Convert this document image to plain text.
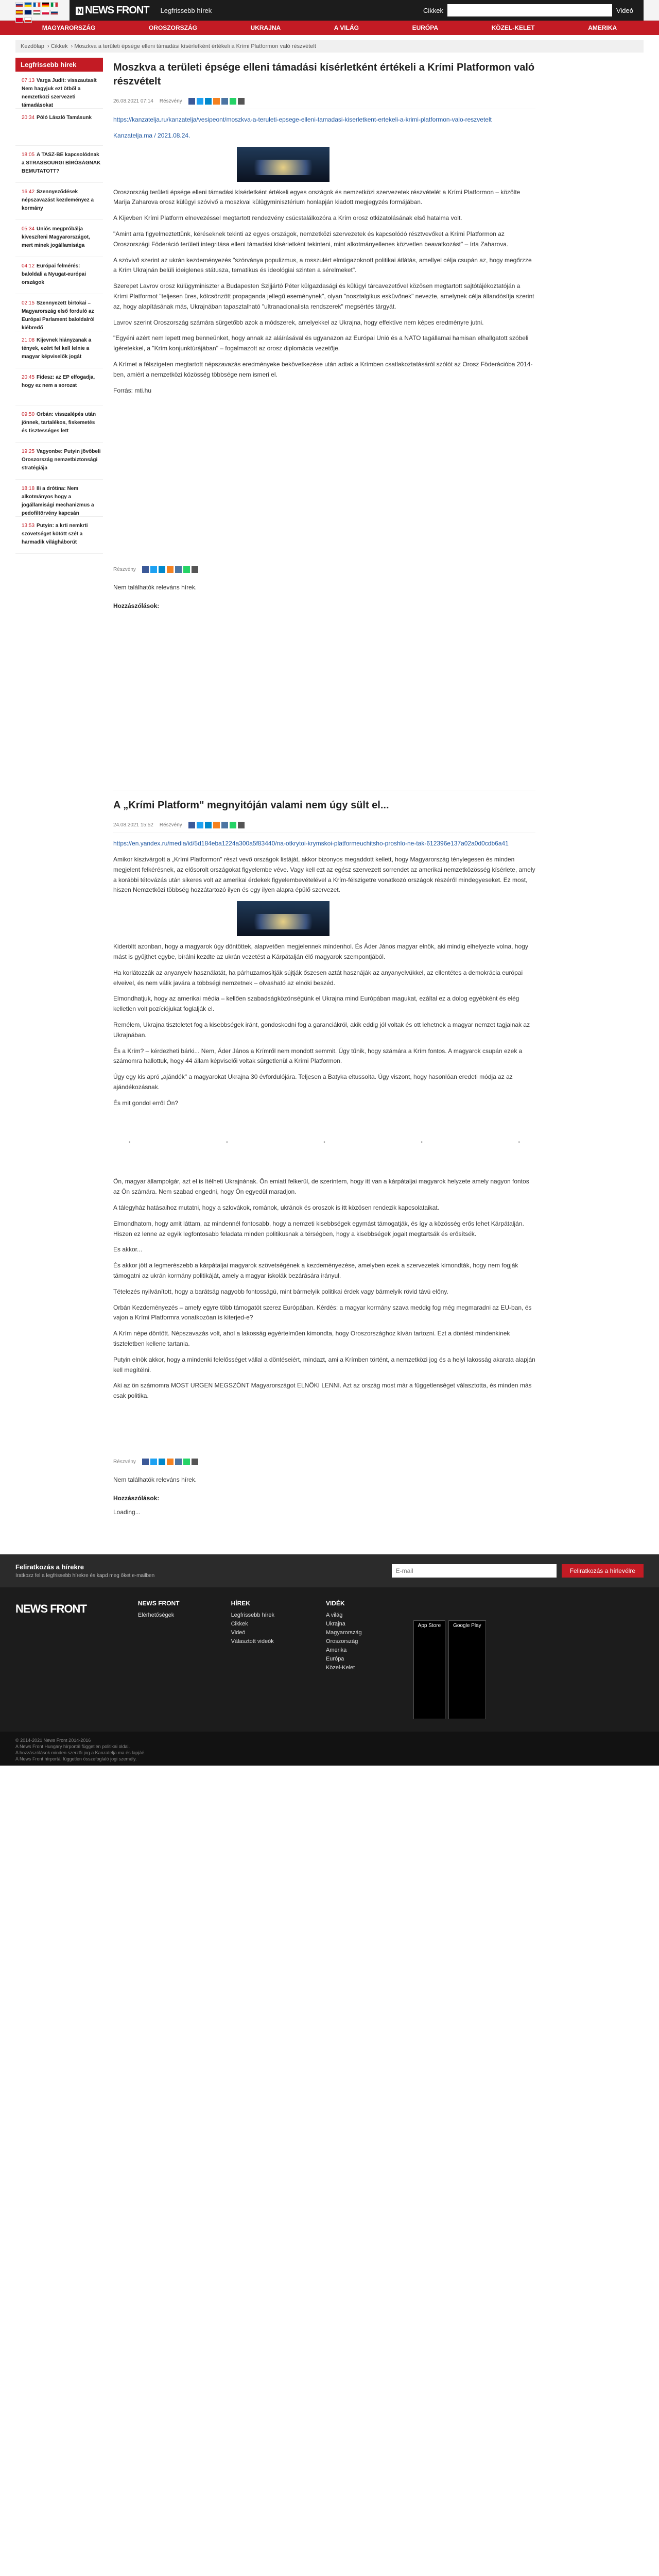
N NEWS FRONT	Legfrissebb hírek	Cikkek	Videó
MAGYARORSZÁG	OROSZORSZÁG	UKRAJNA	A VILÁG	EURÓPA	KÖZEL-KELET	AMERIKA
Kezdőlap › Cikkek › Moszkva a területi épsége elleni támadási kísérletként értékeli a Krími Platformon való részvételt
Legfrissebb hírek
07:13 Varga Judit: visszautasít Nem hagyjuk ezt ötből a nemzetközi szervezeti támadásokat
20:34 Póló László Tamásunk
18:05 A TASZ-BE kapcsolódnak a STRASBOURGI BÍRÓSÁGNAK BEMUTATOTT?
16:42 Szennyeződések népszavazást kezdeményez a kormány
05:34 Uniós megpróbálja kiveszíteni Magyarországot, mert minek jogállamisága
04:12 Európai felmérés: baloldali a Nyugat-európai országok
02:15 Szennyezett birtokai – Magyarország első forduló az Európai Parlament baloldalról kiébredő
21:08 Kijevnek hiányzanak a tények, ezért fel kell lelnie a magyar képviselők jogát
20:45 Fidesz: az EP elfogadja, hogy ez nem a sorozat
09:50 Orbán: visszalépés után jönnek, tartalékos, fiskemetés és tisztességes lett
19:25 Vagyonbe: Putyin jövőbeli Oroszország nemzetbiztonsági stratégiája
18:18 Ili a drótina: Nem alkotmányos hogy a jogállamisági mechanizmus a pedofiltörvény kapcsán
13:53 Putyin: a krti nemkrti szövetséget kötött szét a harmadik világháborút
Moszkva a területi épsége elleni támadási kísérletként értékeli a Krími Platformon való részvételt
26.08.2021 07:14 Részvény

https://kanzatelja.ru/kanzatelja/vesipeont/moszkva-a-teruleti-epsege-elleni-tamadasi-kiserletkent-ertekeli-a-krimi-platformon-valo-reszvetelt

Kanzatelja.ma / 2021.08.24.

Oroszország területi épsége elleni támadási kísérletként értékeli egyes országok és nemzetközi szervezetek részvételét a Krími Platformon – közölte Marija Zaharova orosz külügyi szóvivő a moszkvai külügyminisztérium honlapján kiadott megjegyzés formájában.

A Kijevben Krími Platform elnevezéssel megtartott rendezvény csúcstalálkozóra a Krím orosz otkizatolásának első hatalma volt.

"Amint arra figyelmeztettünk, kéréseknek tekinti az egyes országok, nemzetközi szervezetek és kapcsolódó résztvevőket a Krími Platformon az Oroszországi Föderáció területi integritása elleni támadási kísérletként tekinteni, mint alkotmányellenes közvetlen beavatkozást" – írta Zaharova.

A szóvivő szerint az ukrán kezdeményezés "szórványa populizmus, a rosszulért elmúgazoknott politikai átlátás, amellyel célja csupán az, hogy megőrzze a Krím Ukrajnán belüli ideiglenes státusza, tematikus és ideológiai szinten a sérelmeket".

Szerepet Lavrov orosz külügyminiszter a Budapesten Szijjártó Péter külgazdasági és külügyi tárcavezetővel közösen megtartott sajtótájékoztatóján a Krími Platformot "teljesen üres, kölcsönzött propaganda jellegű eseménynek", olyan "nosztalgikus esküvőnek" nevezte, amelynek célja állandósítja szerint az, hogy alapításának más, Ukrajnában tapasztalható "ultranacionalista rendszerek" megsértés tárgyát.

Lavrov szerint Oroszország számára sürgetőbb azok a módszerek, amelyekkel az Ukrajna, hogy effektíve nem képes eredményre jutni.

"Egyéni azért nem lepett meg benneünket, hogy annak az aláírásával és ugyanazon az Európai Unió és a NATO tagállamai hamisan elhallgatott szóbeli ígéretekkel, a "Krím konjunktúrájában" – fogalmazott az orosz diplomácia vezetője.

A Krímet a félszigeten megtartott népszavazás eredményeke bekövetkezése után adtak a Krímben csatlakoztatásáról szólót az Orosz Föderációba 2014-ben, amiért a nemzetközi közösség többsége nem ismeri el.

Forrás: mti.hu

Részvény

Nem találhatók releváns hírek.

Hozzászólások:
A „Krími Platform" megnyitóján valami nem úgy sült el...
24.08.2021 15:52 Részvény

https://en.yandex.ru/media/id/5d184eba1224a300a5f83440/na-otkrytoi-krymskoi-platformeuchitsho-proshlo-ne-tak-612396e137a02a0d0cdb6a41

Amikor kiszivárgott a „Krími Platformon" részt vevő országok listáját, akkor bizonyos megaddott kellett, hogy Magyarország ténylegesen és minden megjelent felkérésnek, az elősorolt országokat figyelembe véve. Vagy kell ezt az egész szervezett sorrendet az amerikai nemzetközösség kísérlete, amely a korábbi tétovázás után sikeres volt az amerikai érdekek figyelembevételével a Krím-félszigetre vonatkozó országok részéről mindegyeseket. Ez most, hiszen Nemzetközi többség hozzátartozó ilyen és egy ilyen alapra épülő szervezet.

Kideröltt azonban, hogy a magyarok úgy döntöttek, alapvetően megjelennek mindenhol. És Áder János magyar elnök, aki mindig elhelyezte volna, hogy mást is gyűjthet egybe, bírálni kezdte az ukrán vezetést a Kárpátalján élő magyarok szempontjából.

Ha korlátozzák az anyanyelv használatát, ha párhuzamosítják sújtják őszesen aztát hasznáják az anyanyelvükkel, az ellentétes a demokrácia európai elveivel, és nem válik javára a többségi nemzetnek – olvasható az elnöki beszéd.

Elmondhatjuk, hogy az amerikai média – kellően szabadságközönségünk el Ukrajna mind Európában magukat, ezáltal ez a dolog egyébként és elég kelletlen volt pozíciójukat foglalják el.

Remélem, Ukrajna tiszteletet fog a kisebbségek iránt, gondoskodni fog a garanciákról, akik eddig jól voltak és ott lehetnek a magyar nemzet tagjainak az Ukrajnában.

És a Krím? – kérdezheti bárki... Nem, Áder János a Krímről nem mondott semmit. Úgy tűnik, hogy számára a Krím fontos. A magyarok csupán ezek a számomra hallottuk, hogy 44 állam képviselői voltak sürgetlenül a Krími Platformon.

Úgy egy kis apró „ajándék" a magyarokat Ukrajna 30 évfordulójára. Teljesen a Batyka eltussolta. Úgy viszont, hogy hasonlóan eredeti módja az az ajándékozásnak.

És mit gondol erről Ön?

•	•	•	•	•

Ön, magyar állampolgár, azt el is ítélheti Ukrajnának. Ön emiatt felkerül, de szerintem, hogy itt van a kárpátaljai magyarok helyzete amely nagyon fontos az Ön számára. Nem szabad engedni, hogy Ön egyedül maradjon.

A tálegyház hatásaihoz mutatni, hogy a szlovákok, románok, ukránok és oroszok is itt közösen rendezik kapcsolataikat.

Elmondhatom, hogy amit láttam, az mindennél fontosabb, hogy a nemzeti kisebbségek egymást támogatják, és így a közösség erős lehet Kárpátalján. Hiszen ez lenne az egyik legfontosabb feladata minden politikusnak a térségben, hogy a kisebbségek jogait megtartsák és erősítsék.

Es akkor...

És akkor jött a legmerészebb a kárpátaljai magyarok szövetségének a kezdeményezése, amelyben ezek a szervezetek kimondták, hogy nem fogják támogatni az ukrán kormány politikáját, amely a magyar iskolák bezárására irányul.

Tételezés nyilvánított, hogy a barátság nagyobb fontosságú, mint bármelyik politikai érdek vagy bármelyik rövid távú előny.

Orbán Kezdeményezés – amely egyre több támogatót szerez Európában. Kérdés: a magyar kormány szava meddig fog még megmaradni az EU-ban, és vajon a Krími Platformra vonatkozóan is kiterjed-e?

A Krím népe döntött. Népszavazás volt, ahol a lakosság egyértelműen kimondta, hogy Oroszországhoz kíván tartozni. Ezt a döntést mindenkinek tiszteletben kellene tartania.

Putyin elnök akkor, hogy a mindenki felelősséget vállal a döntéseiért, mindazt, ami a Krímben történt, a nemzetközi jog és a helyi lakosság akarata alapján kell megítélni.

Aki az ön számomra MOST URGEN MEGSZÓNT Magyarországot ELNÖKI LENNI. Azt az ország most már a függetlenséget választotta, és minden más csak politika.

Részvény

Nem találhatók releváns hírek.

Hozzászólások:

Loading...

Feliratkozás a hírekre
Iratkozz fel a legfrissebb hírekre és kapd meg őket e-mailben
E-mail
Feliratkozás a hírlevélre
NEWS FRONT	NEWS FRONT
Elérhetőségek
HÍREK
Legfrissebb hírek
Cikkek
Videó
Választott videók
VIDÉK
A világ
Ukrajna
Magyarország
Oroszország
Amerika
Európa
Közel-Kelet
App Store	Google Play
© 2014-2021 News Front 2014-2016
A News Front Hungary hírportál független politikai oldal.
A hozzászólások minden szerzői jog a Kanzatelja.ma és lapjáé.
A News Front hírportál független összefoglaló jogi személy.
